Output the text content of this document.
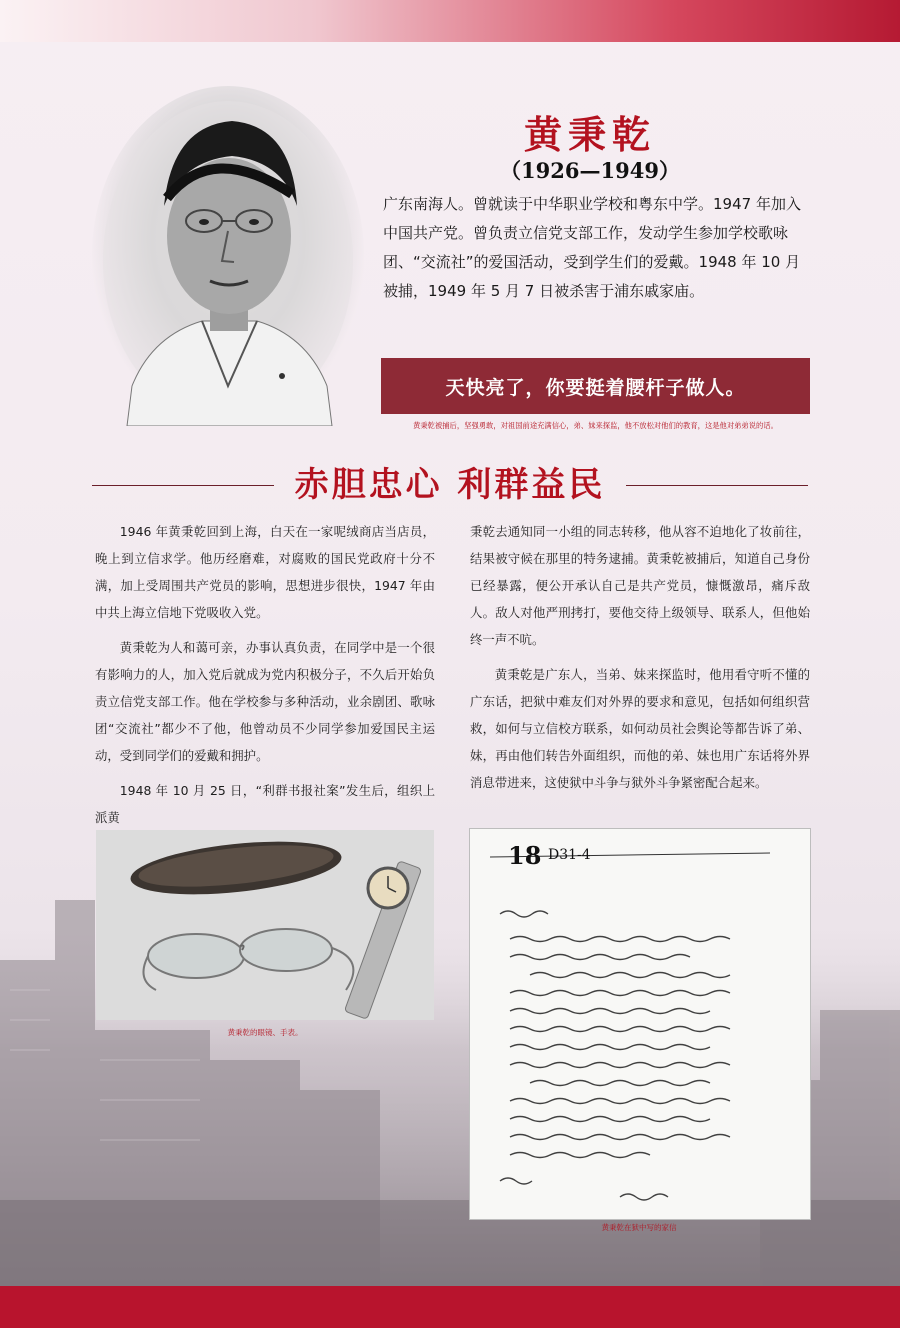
黄秉乾
（1926—1949）

广东南海人。曾就读于中华职业学校和粤东中学。1947 年加入中国共产党。曾负责立信党支部工作，发动学生参加学校歌咏团、“交流社”的爱国活动，受到学生们的爱戴。1948 年 10 月被捕，1949 年 5 月 7 日被杀害于浦东戚家庙。

天快亮了，你要挺着腰杆子做人。
黄秉乾被捕后，坚强勇敢，对祖国前途充满信心，弟、妹来探监，他不放松对他们的教育，这是他对弟弟说的话。
赤胆忠心 利群益民

1946 年黄秉乾回到上海，白天在一家呢绒商店当店员，晚上到立信求学。他历经磨难，对腐败的国民党政府十分不满，加上受周围共产党员的影响，思想进步很快，1947 年由中共上海立信地下党吸收入党。

黄秉乾为人和蔼可亲，办事认真负责，在同学中是一个很有影响力的人，加入党后就成为党内积极分子，不久后开始负责立信党支部工作。他在学校参与多种活动，业余剧团、歌咏团“交流社”都少不了他，他曾动员不少同学参加爱国民主运动，受到同学们的爱戴和拥护。

1948 年 10 月 25 日，“利群书报社案”发生后，组织上派黄

秉乾去通知同一小组的同志转移，他从容不迫地化了妆前往，结果被守候在那里的特务逮捕。黄秉乾被捕后，知道自己身份已经暴露，便公开承认自己是共产党员，慷慨激昂，痛斥敌人。敌人对他严刑拷打，要他交待上级领导、联系人，但他始终一声不吭。

黄秉乾是广东人，当弟、妹来探监时，他用看守听不懂的广东话，把狱中难友们对外界的要求和意见，包括如何组织营救，如何与立信校方联系，如何动员社会舆论等都告诉了弟、妹，再由他们转告外面组织，而他的弟、妹也用广东话将外界消息带进来，这使狱中斗争与狱外斗争紧密配合起来。

黄秉乾的眼镜、手表。
18 D31-4
黄秉乾在狱中写的家信
